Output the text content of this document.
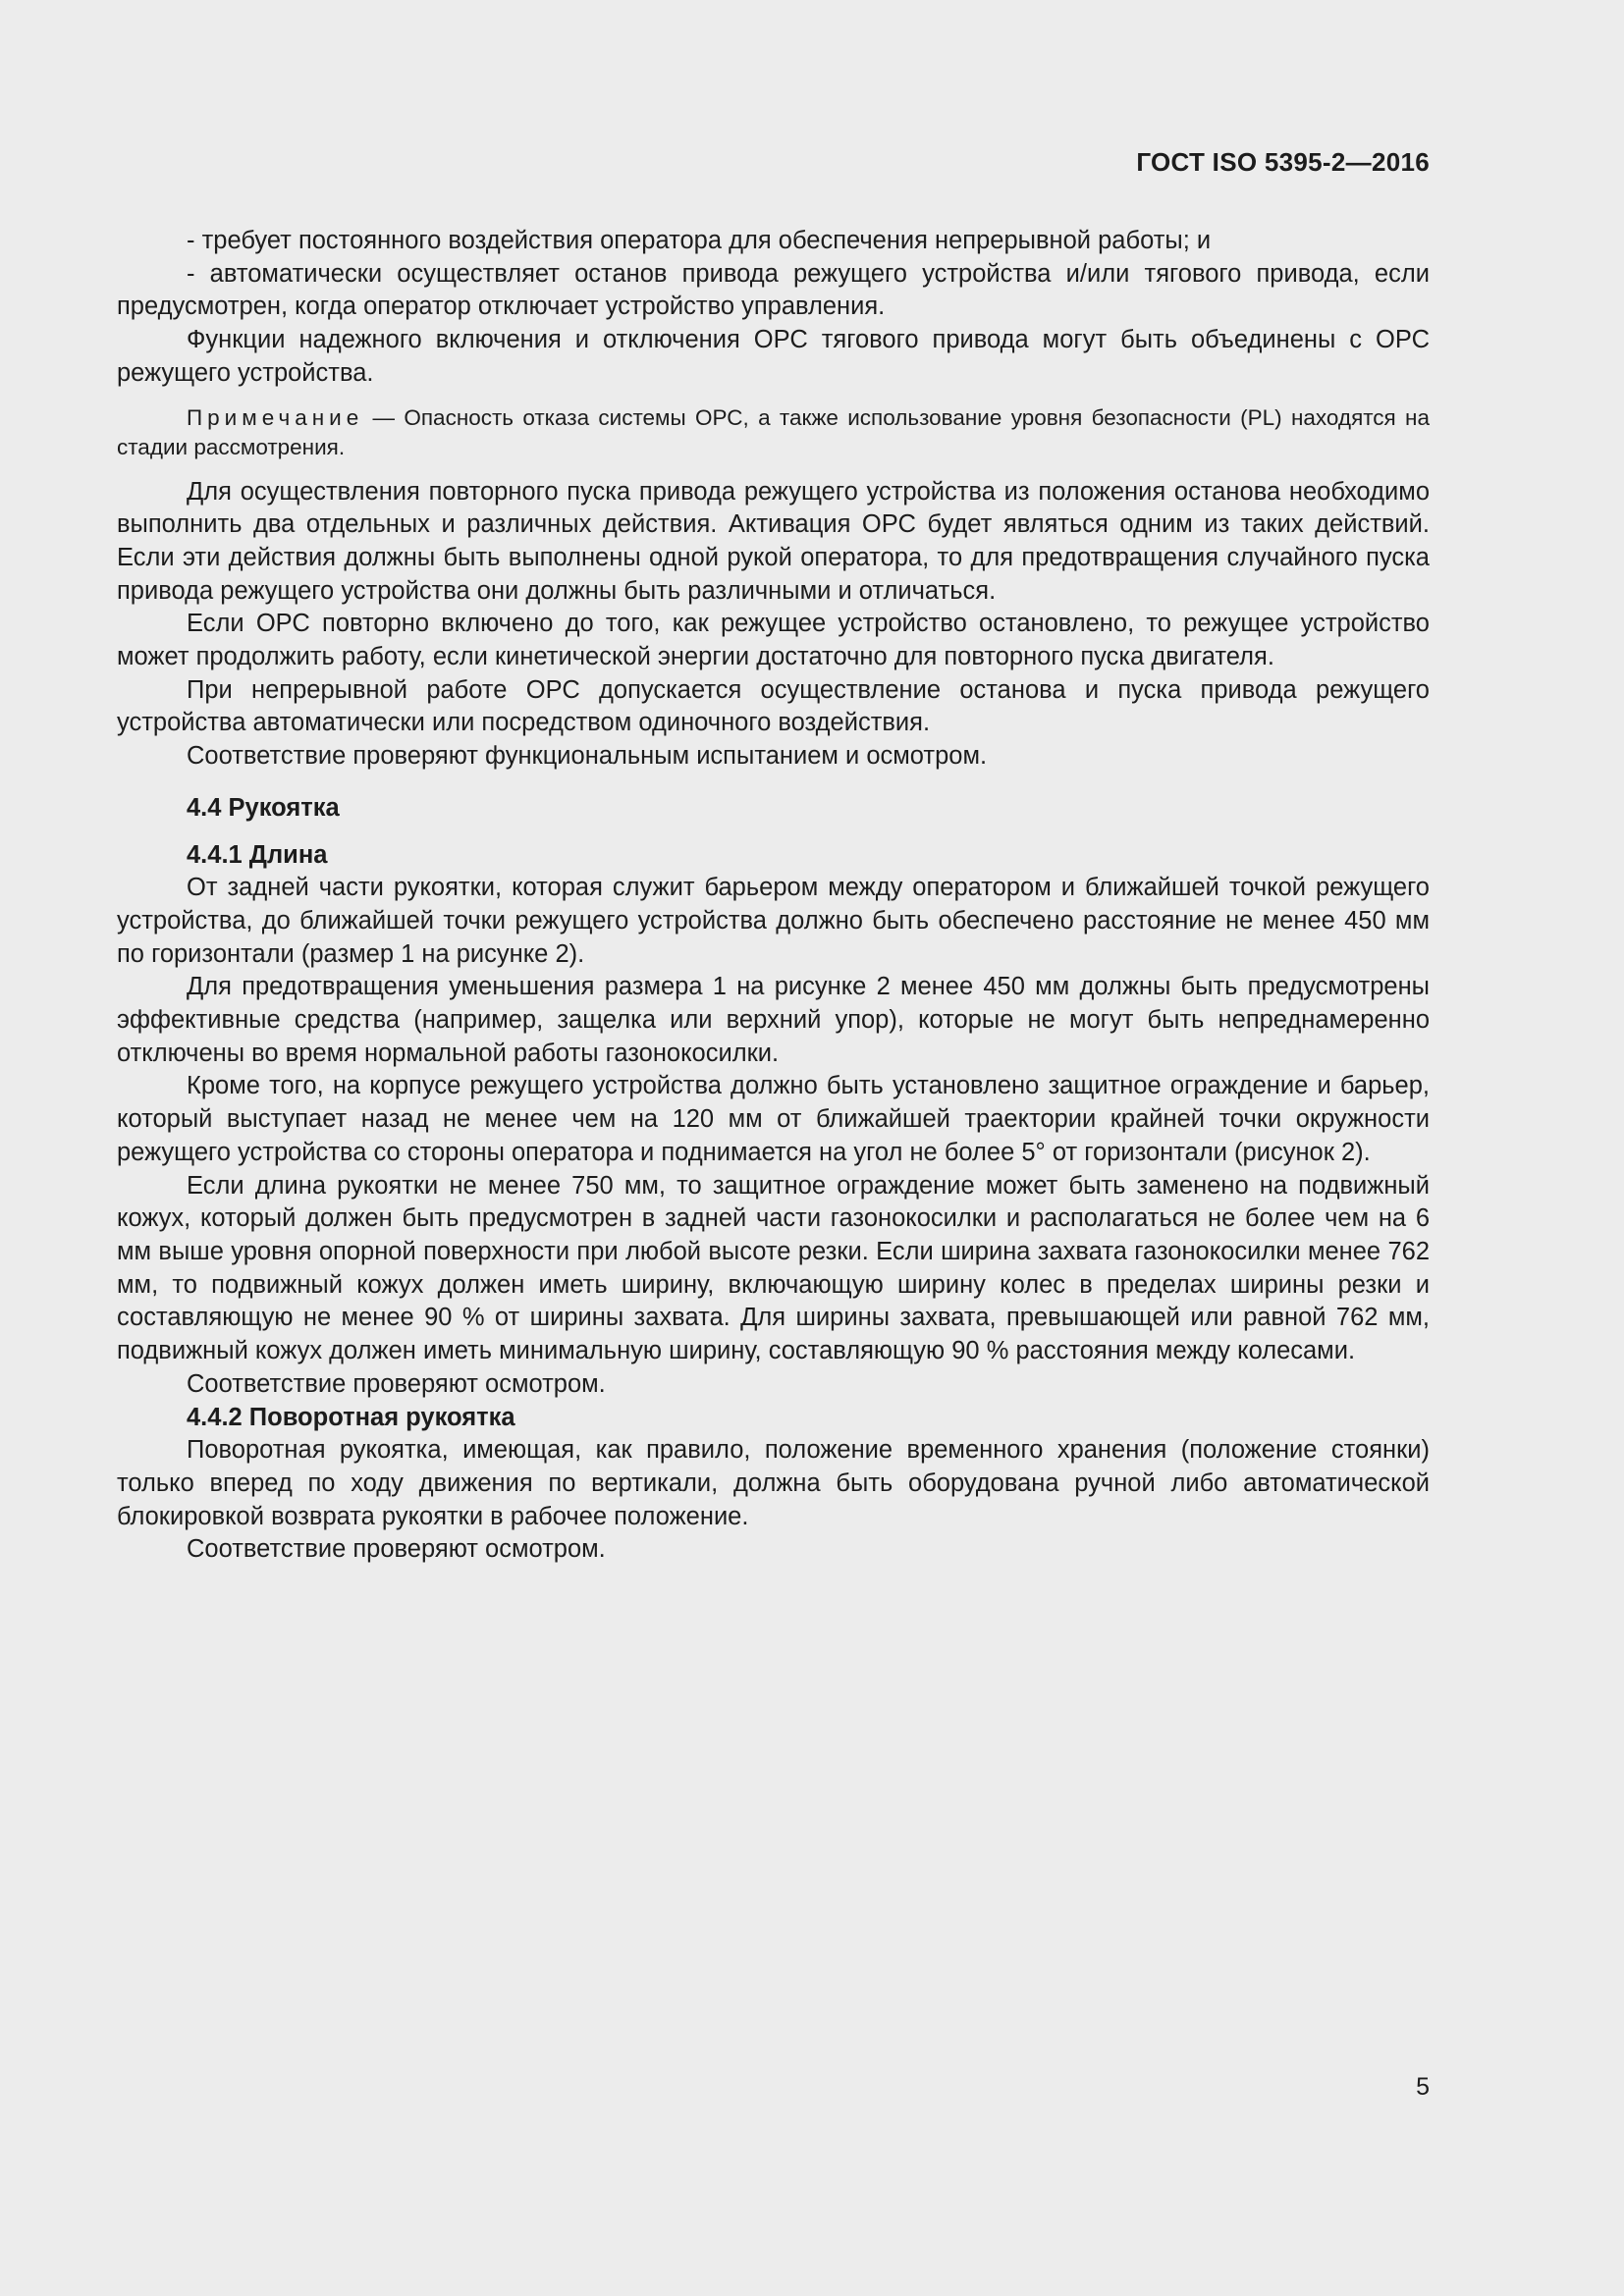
ГОСТ ISO 5395-2—2016

- требует постоянного воздействия оператора для обеспечения непрерывной работы; и

- автоматически осуществляет останов привода режущего устройства и/или тягового привода, если предусмотрен, когда оператор отключает устройство управления.

Функции надежного включения и отключения ОРС тягового привода могут быть объединены с ОРС режущего устройства.

Примечание — Опасность отказа системы ОРС, а также использование уровня безопасности (PL) находятся на стадии рассмотрения.

Для осуществления повторного пуска привода режущего устройства из положения останова необходимо выполнить два отдельных и различных действия. Активация ОРС будет являться одним из таких действий. Если эти действия должны быть выполнены одной рукой оператора, то для предотвращения случайного пуска привода режущего устройства они должны быть различными и отличаться.

Если ОРС повторно включено до того, как режущее устройство остановлено, то режущее устройство может продолжить работу, если кинетической энергии достаточно для повторного пуска двигателя.

При непрерывной работе ОРС допускается осуществление останова и пуска привода режущего устройства автоматически или посредством одиночного воздействия.

Соответствие проверяют функциональным испытанием и осмотром.

4.4 Рукоятка

4.4.1 Длина

От задней части рукоятки, которая служит барьером между оператором и ближайшей точкой режущего устройства, до ближайшей точки режущего устройства должно быть обеспечено расстояние не менее 450 мм по горизонтали (размер 1 на рисунке 2).

Для предотвращения уменьшения размера 1 на рисунке 2 менее 450 мм должны быть предусмотрены эффективные средства (например, защелка или верхний упор), которые не могут быть непреднамеренно отключены во время нормальной работы газонокосилки.

Кроме того, на корпусе режущего устройства должно быть установлено защитное ограждение и барьер, который выступает назад не менее чем на 120 мм от ближайшей траектории крайней точки окружности режущего устройства со стороны оператора и поднимается на угол не более 5° от горизонтали (рисунок 2).

Если длина рукоятки не менее 750 мм, то защитное ограждение может быть заменено на подвижный кожух, который должен быть предусмотрен в задней части газонокосилки и располагаться не более чем на 6 мм выше уровня опорной поверхности при любой высоте резки. Если ширина захвата газонокосилки менее 762 мм, то подвижный кожух должен иметь ширину, включающую ширину колес в пределах ширины резки и составляющую не менее 90 % от ширины захвата. Для ширины захвата, превышающей или равной 762 мм, подвижный кожух должен иметь минимальную ширину, составляющую 90 % расстояния между колесами.

Соответствие проверяют осмотром.

4.4.2 Поворотная рукоятка

Поворотная рукоятка, имеющая, как правило, положение временного хранения (положение стоянки) только вперед по ходу движения по вертикали, должна быть оборудована ручной либо автоматической блокировкой возврата рукоятки в рабочее положение.

Соответствие проверяют осмотром.

5
